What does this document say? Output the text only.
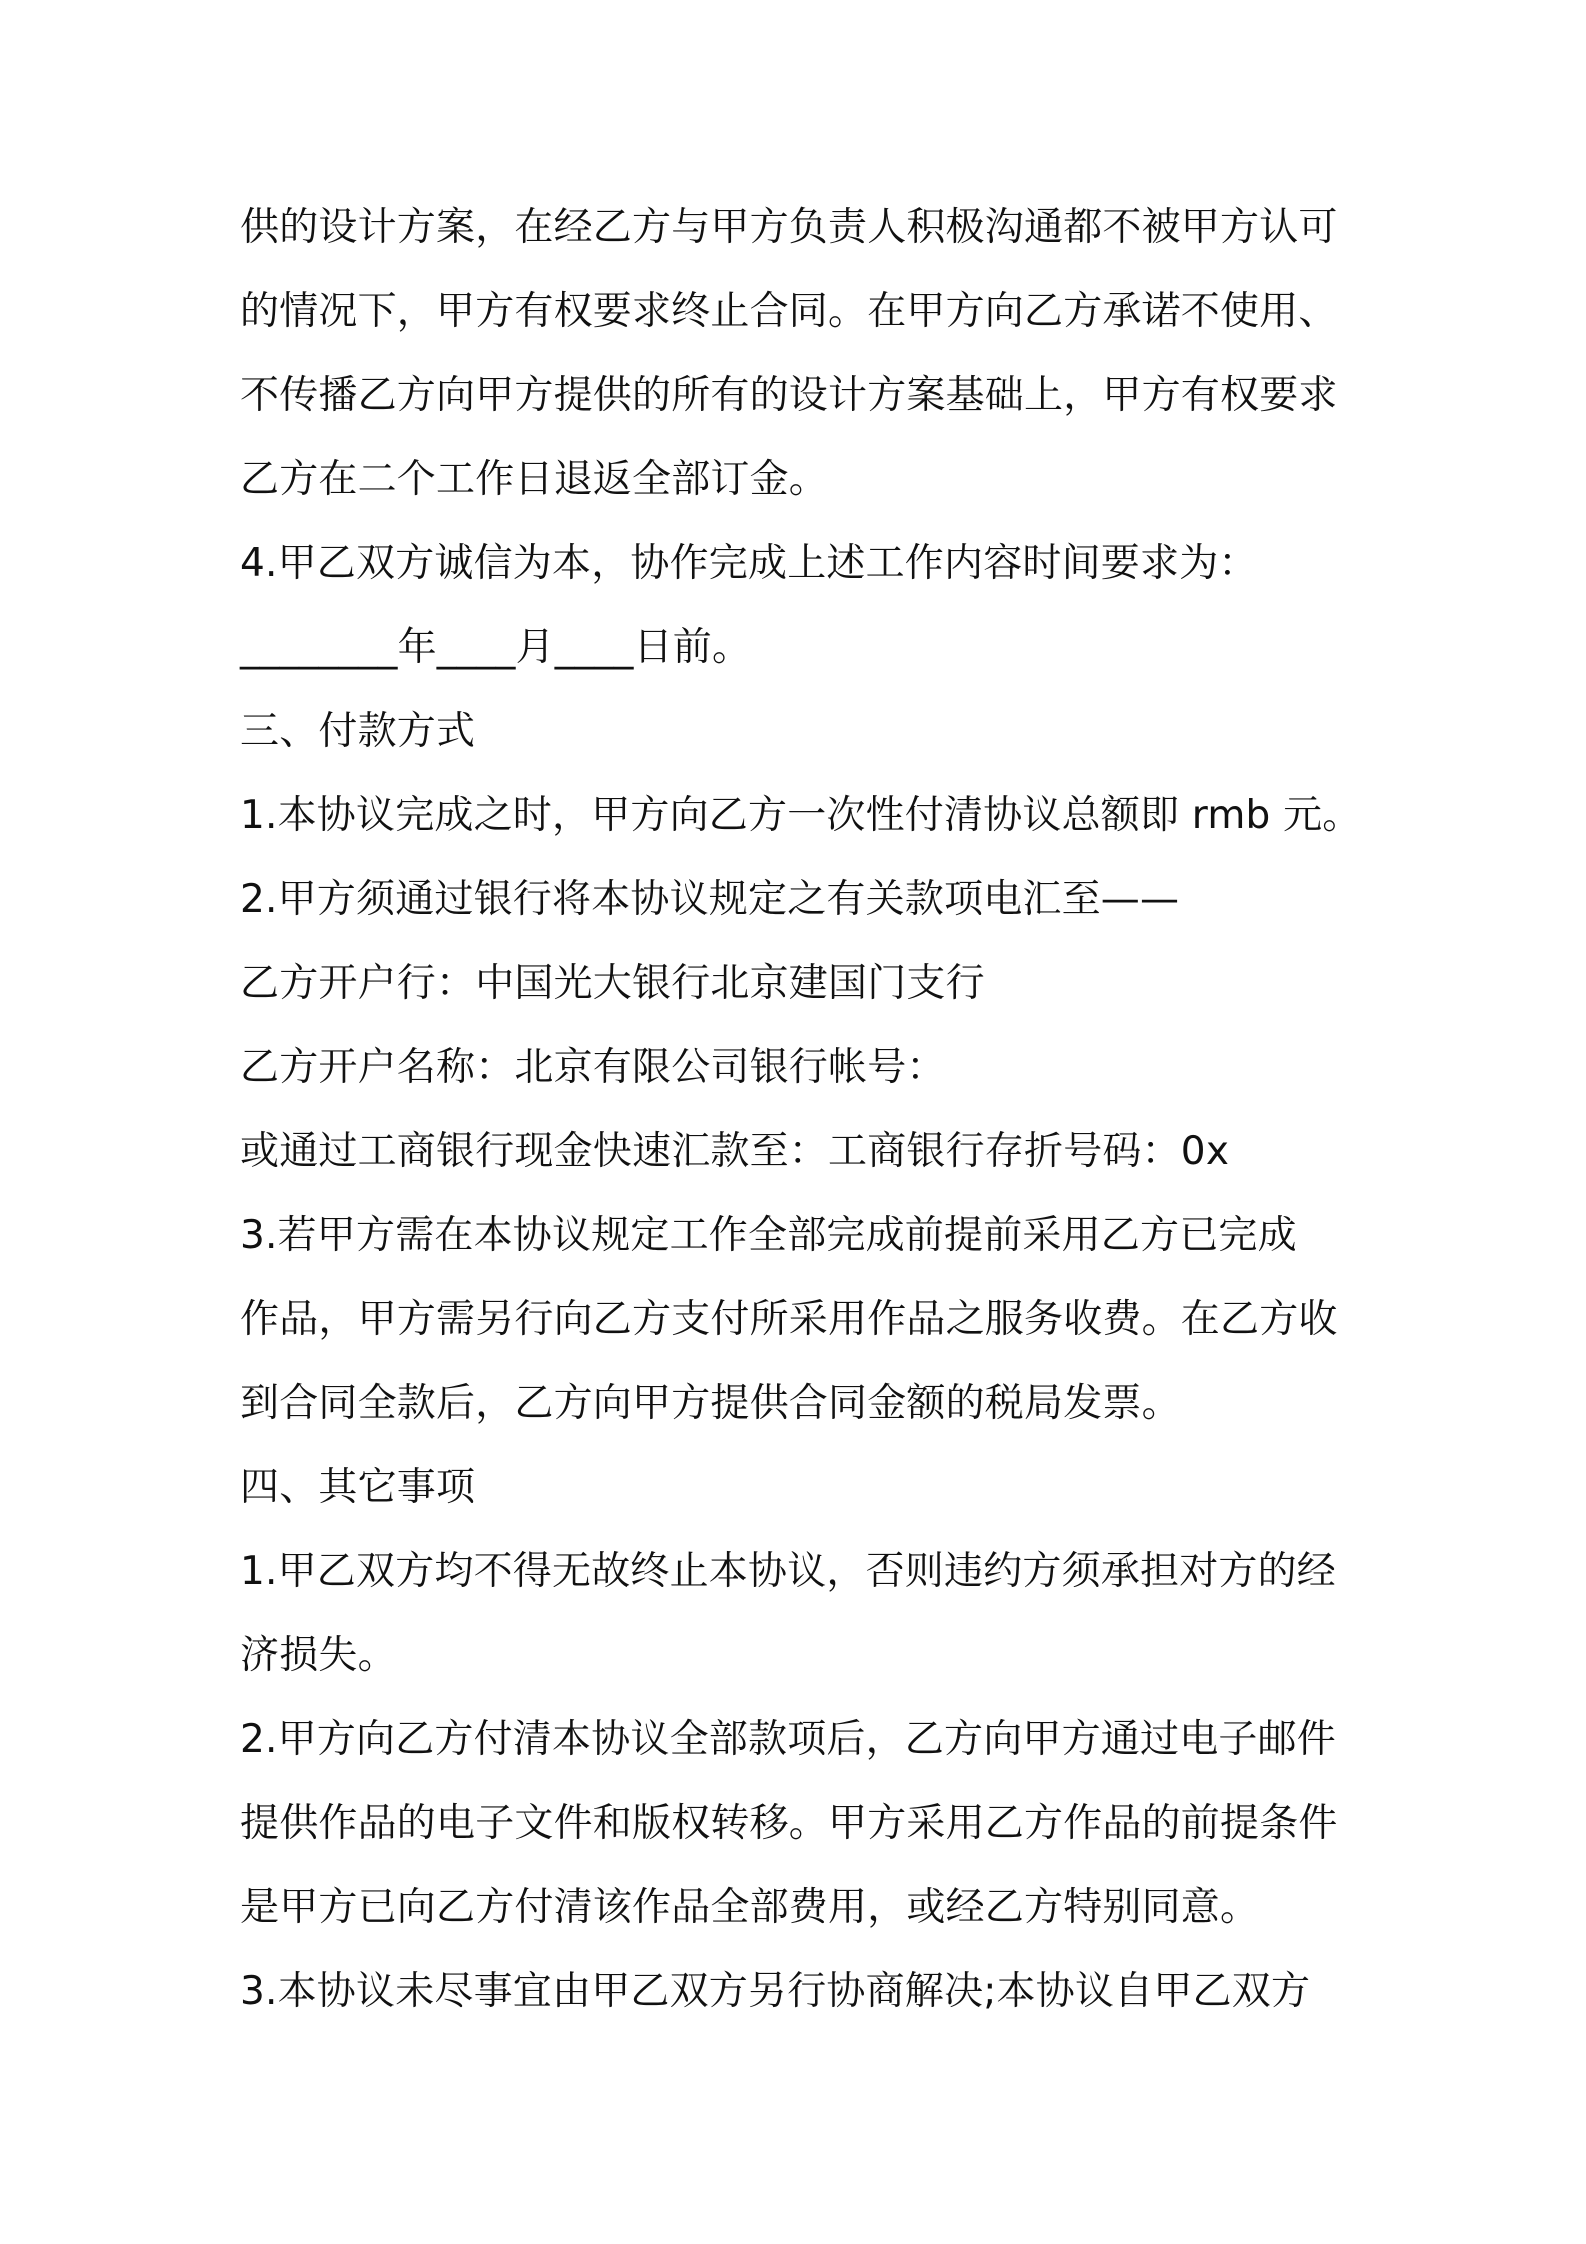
供的设计方案，在经乙方与甲方负责人积极沟通都不被甲方认可
的情况下，甲方有权要求终止合同。在甲方向乙方承诺不使用、
不传播乙方向甲方提供的所有的设计方案基础上，甲方有权要求
乙方在二个工作日退返全部订金。
4.甲乙双方诚信为本，协作完成上述工作内容时间要求为：
________年____月____日前。
三、付款方式
1.本协议完成之时，甲方向乙方一次性付清协议总额即 rmb 元。
2.甲方须通过银行将本协议规定之有关款项电汇至——
乙方开户行：中国光大银行北京建国门支行
乙方开户名称：北京有限公司银行帐号：
或通过工商银行现金快速汇款至：工商银行存折号码：0x
3.若甲方需在本协议规定工作全部完成前提前采用乙方已完成
作品，甲方需另行向乙方支付所采用作品之服务收费。在乙方收
到合同全款后，乙方向甲方提供合同金额的税局发票。
四、其它事项
1.甲乙双方均不得无故终止本协议，否则违约方须承担对方的经
济损失。
2.甲方向乙方付清本协议全部款项后，乙方向甲方通过电子邮件
提供作品的电子文件和版权转移。甲方采用乙方作品的前提条件
是甲方已向乙方付清该作品全部费用，或经乙方特别同意。
3.本协议未尽事宜由甲乙双方另行协商解决;本协议自甲乙双方
